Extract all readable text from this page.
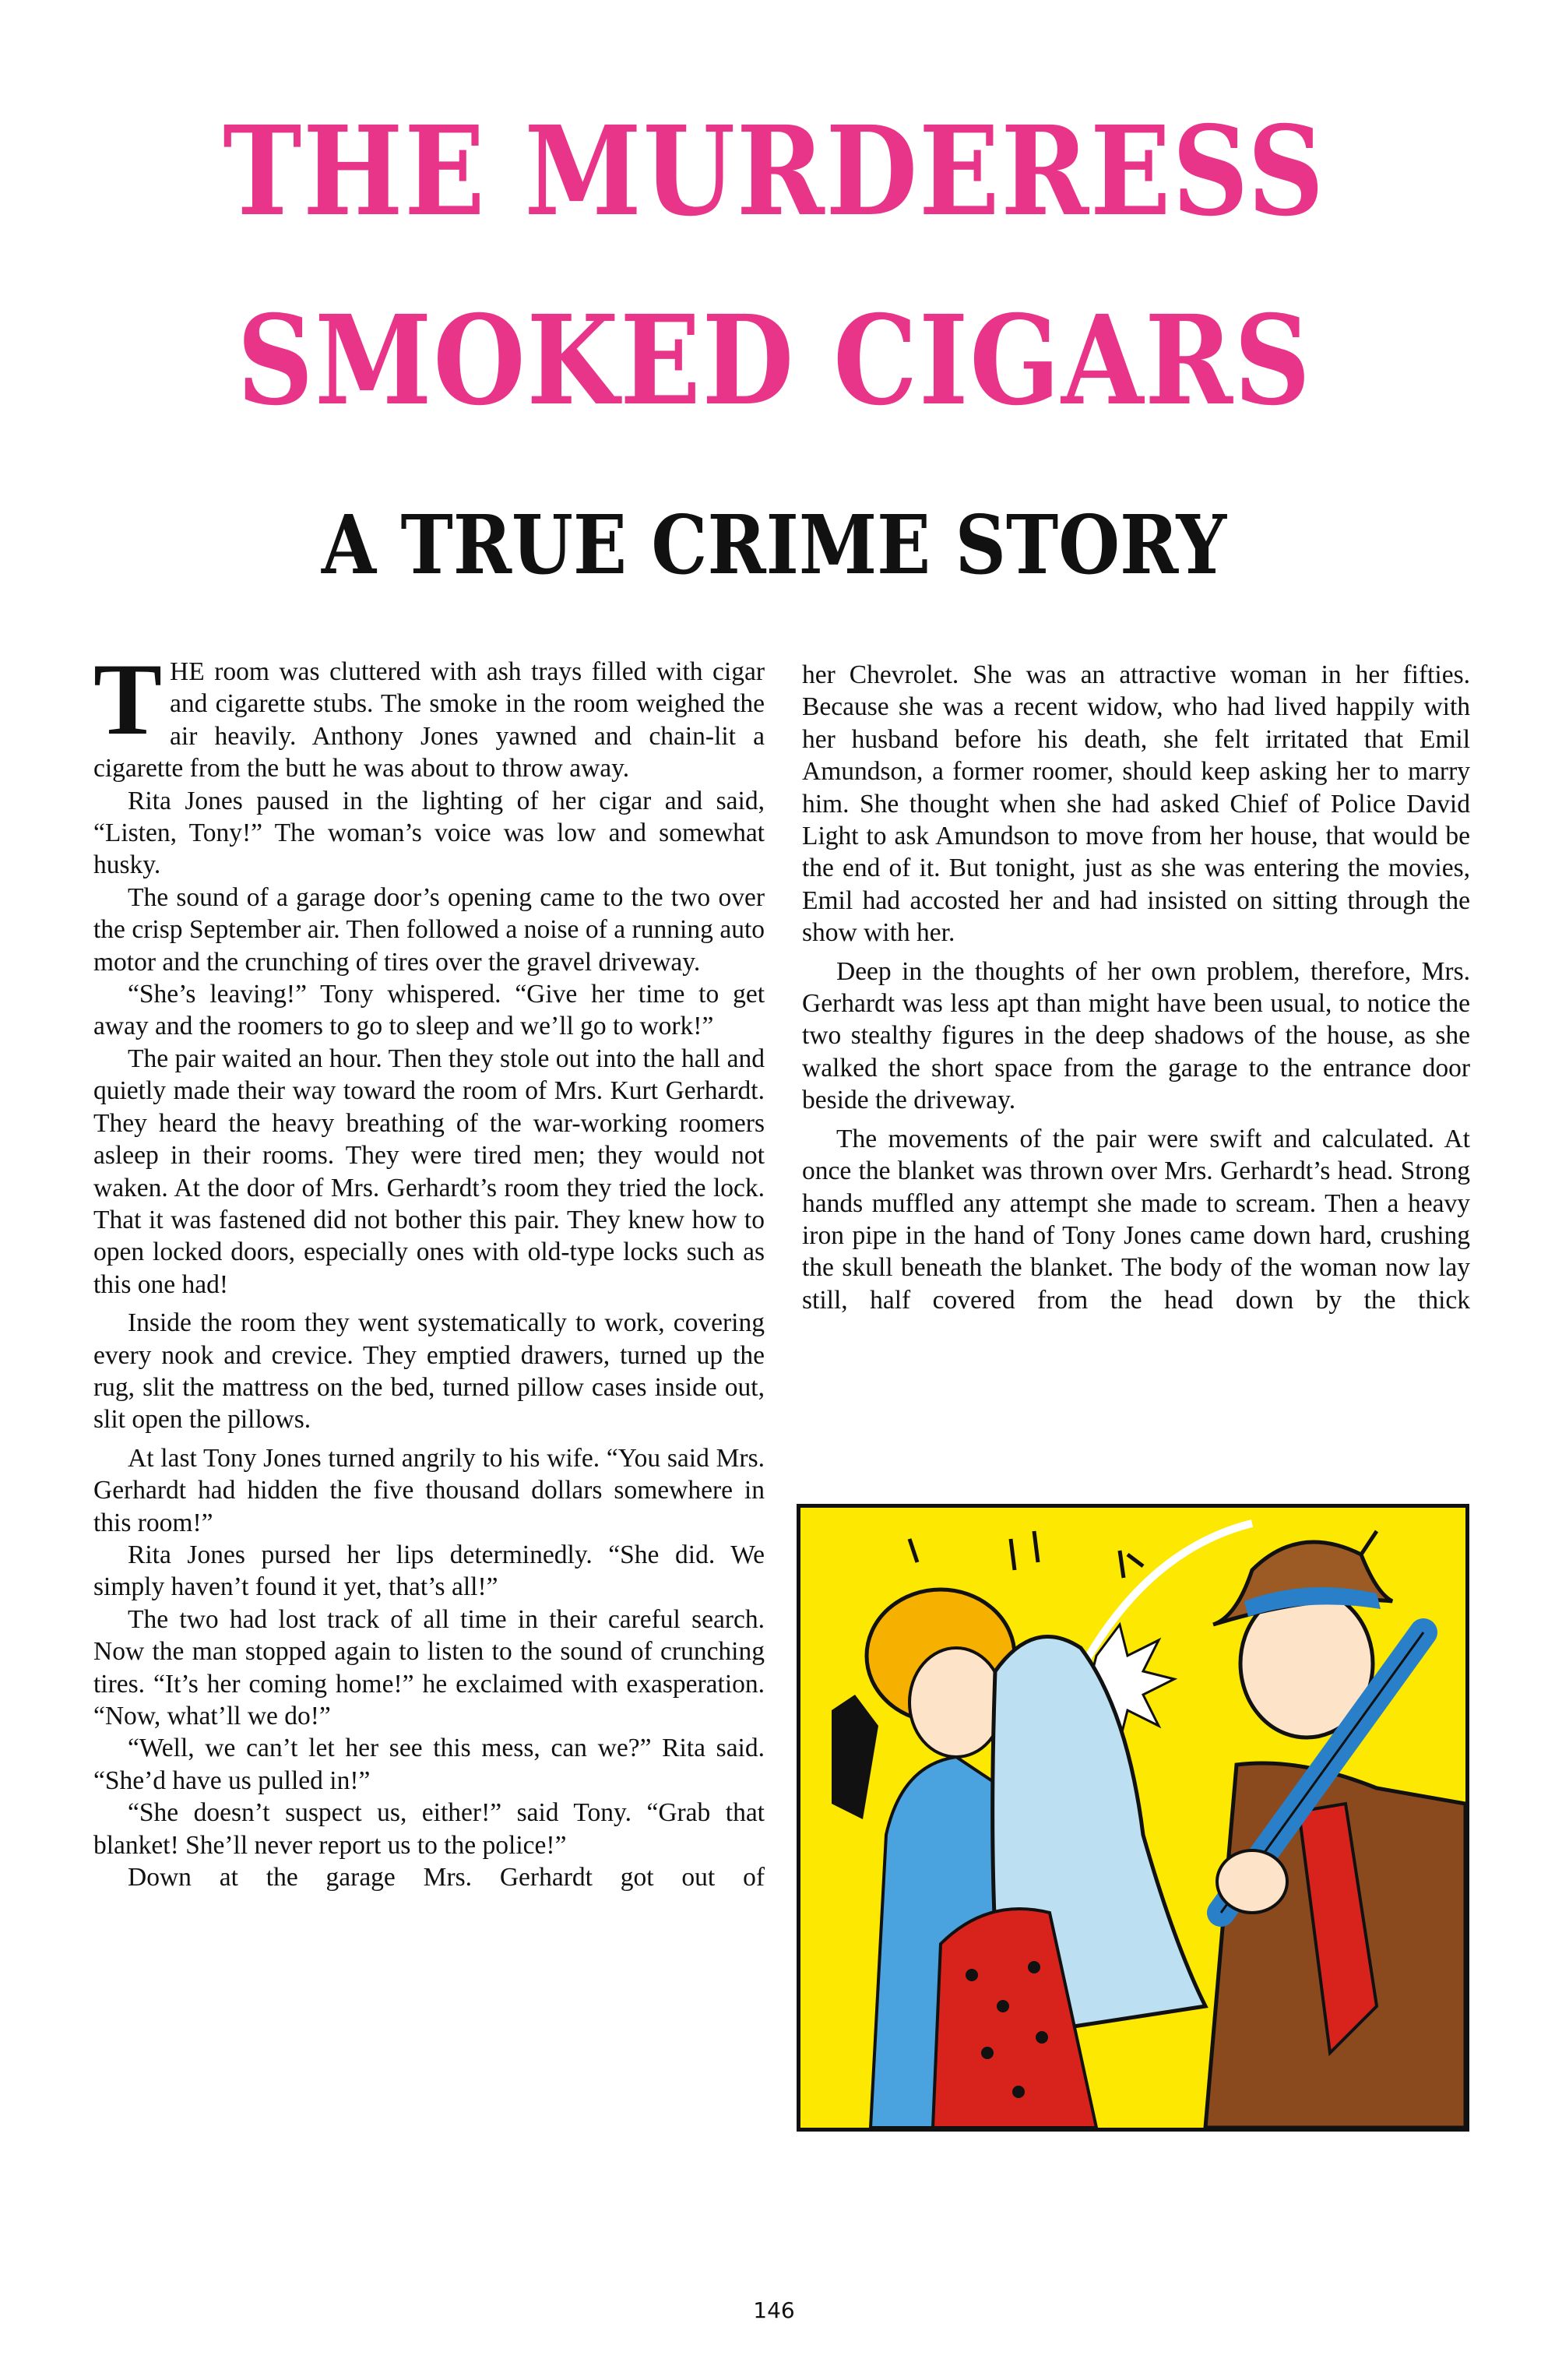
THE MURDERESS
SMOKED CIGARS
A TRUE CRIME STORY

THE room was cluttered with ash trays filled with cigar and cigarette stubs. The smoke in the room weighed the air heavily. Anthony Jones yawned and chain-lit a cigarette from the butt he was about to throw away.

Rita Jones paused in the lighting of her cigar and said, “Listen, Tony!” The woman’s voice was low and somewhat husky.

The sound of a garage door’s opening came to the two over the crisp September air. Then followed a noise of a running auto motor and the crunching of tires over the gravel driveway.

“She’s leaving!” Tony whispered. “Give her time to get away and the roomers to go to sleep and we’ll go to work!”

The pair waited an hour. Then they stole out into the hall and quietly made their way toward the room of Mrs. Kurt Gerhardt. They heard the heavy breathing of the war-working roomers asleep in their rooms. They were tired men; they would not waken. At the door of Mrs. Gerhardt’s room they tried the lock. That it was fastened did not bother this pair. They knew how to open locked doors, especially ones with old-type locks such as this one had!

Inside the room they went systematically to work, covering every nook and crevice. They emptied drawers, turned up the rug, slit the mattress on the bed, turned pillow cases inside out, slit open the pillows.

At last Tony Jones turned angrily to his wife. “You said Mrs. Gerhardt had hidden the five thousand dollars somewhere in this room!”

Rita Jones pursed her lips determinedly. “She did. We simply haven’t found it yet, that’s all!”

The two had lost track of all time in their careful search. Now the man stopped again to listen to the sound of crunching tires. “It’s her coming home!” he exclaimed with exasperation. “Now, what’ll we do!”

“Well, we can’t let her see this mess, can we?” Rita said. “She’d have us pulled in!”

“She doesn’t suspect us, either!” said Tony. “Grab that blanket! She’ll never report us to the police!”

Down at the garage Mrs. Gerhardt got out of

her Chevrolet. She was an attractive woman in her fifties. Because she was a recent widow, who had lived happily with her husband before his death, she felt irritated that Emil Amundson, a former roomer, should keep asking her to marry him. She thought when she had asked Chief of Police David Light to ask Amundson to move from her house, that would be the end of it. But tonight, just as she was entering the movies, Emil had accosted her and had insisted on sitting through the show with her.

Deep in the thoughts of her own problem, therefore, Mrs. Gerhardt was less apt than might have been usual, to notice the two stealthy figures in the deep shadows of the house, as she walked the short space from the garage to the entrance door beside the driveway.

The movements of the pair were swift and calculated. At once the blanket was thrown over Mrs. Gerhardt’s head. Strong hands muffled any attempt she made to scream. Then a heavy iron pipe in the hand of Tony Jones came down hard, crushing the skull beneath the blanket. The body of the woman now lay still, half covered from the head down by the thick

146
